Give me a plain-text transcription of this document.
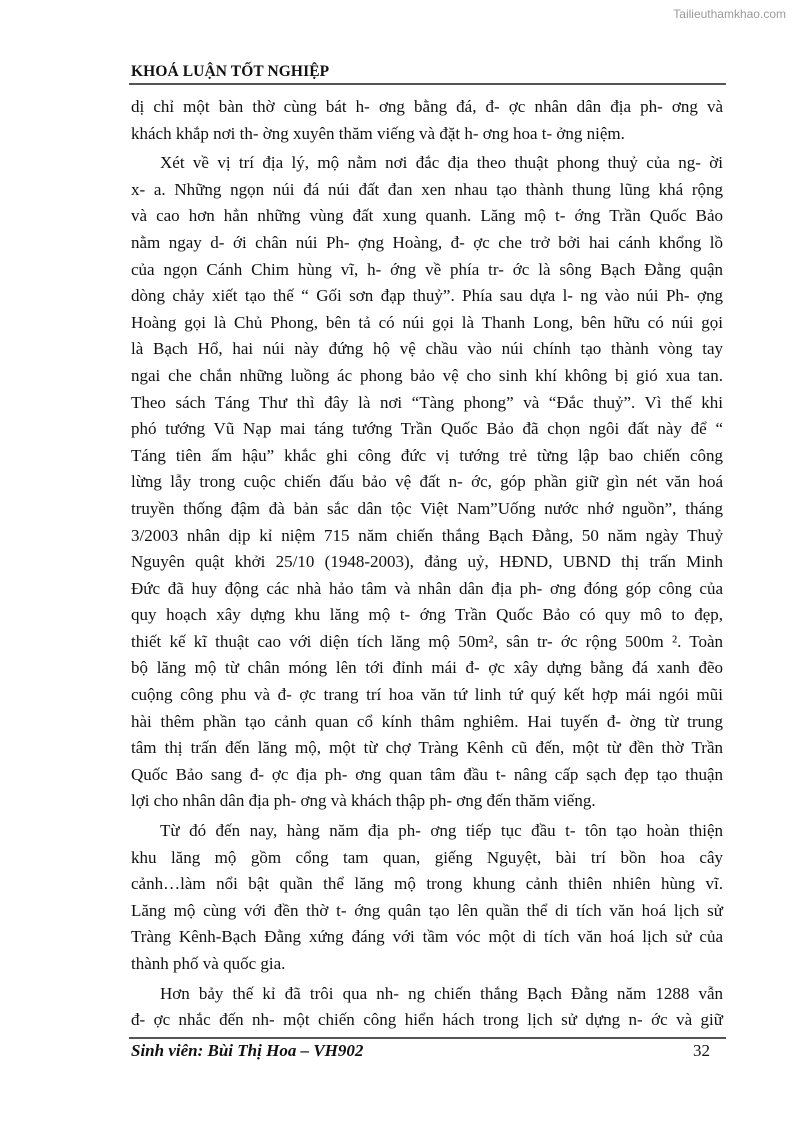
Tailieuthamkhao.com
KHOÁ LUẬN TỐT NGHIỆP
dị chỉ một bàn thờ cùng bát h- ơng bằng đá, đ- ợc nhân dân địa ph- ơng và
khách khắp nơi th- ờng xuyên thăm viếng và đặt h- ơng hoa t- ởng niệm.
Xét về vị trí địa lý, mộ nằm nơi đắc địa theo thuật phong thuỷ của ng- ời
x- a. Những ngọn núi đá núi đất đan xen nhau tạo thành thung lũng khá rộng
và cao hơn hẳn những vùng đất xung quanh. Lăng mộ t- ớng Trần Quốc Bảo
nằm ngay d- ới chân núi Ph- ợng Hoàng, đ- ợc che trở bởi hai cánh khổng lồ
của ngọn Cánh Chim hùng vĩ, h- ớng về phía tr- ớc là sông Bạch Đằng quận
dòng chảy xiết tạo thế “ Gối sơn đạp thuỷ”. Phía sau dựa l- ng vào núi Ph- ợng
Hoàng gọi là Chủ Phong, bên tả có núi gọi là Thanh Long, bên hữu có núi gọi
là Bạch Hổ, hai núi này đứng hộ vệ chầu vào núi chính tạo thành vòng tay
ngai che chắn những luồng ác phong bảo vệ cho sinh khí không bị gió xua tan.
Theo sách Táng Thư thì đây là nơi “Tàng phong” và “Đắc thuỷ”. Vì thế khi
phó tướng Vũ Nạp mai táng tướng Trần Quốc Bảo đã chọn ngôi đất này để “
Táng tiên ấm hậu” khắc ghi công đức vị tướng trẻ từng lập bao chiến công
lừng lẫy trong cuộc chiến đấu bảo vệ đất n- ớc, góp phần giữ gìn nét văn hoá
truyền thống đậm đà bản sắc dân tộc Việt Nam”Uống nước nhớ nguồn”, tháng
3/2003 nhân dịp kỉ niệm 715 năm chiến thắng Bạch Đằng, 50 năm ngày Thuỷ
Nguyên quật khởi 25/10 (1948-2003), đảng uỷ, HĐND, UBND thị trấn Minh
Đức đã huy động các nhà hảo tâm và nhân dân địa ph- ơng đóng góp công của
quy hoạch xây dựng khu lăng mộ t- ớng Trần Quốc Bảo có quy mô to đẹp,
thiết kế kĩ thuật cao với diện tích lăng mộ 50m², sân tr- ớc rộng 500m ². Toàn
bộ lăng mộ từ chân móng lên tới đỉnh mái đ- ợc xây dựng bằng đá xanh đẽo
cuộng công phu và đ- ợc trang trí hoa văn tứ linh tứ quý kết hợp mái ngói mũi
hài thêm phần tạo cảnh quan cổ kính thâm nghiêm. Hai tuyến đ- ờng từ trung
tâm thị trấn đến lăng mộ, một từ chợ Tràng Kênh cũ đến, một từ đền thờ Trần
Quốc Bảo sang đ- ợc địa ph- ơng quan tâm đầu t- nâng cấp sạch đẹp tạo thuận
lợi cho nhân dân địa ph- ơng và khách thập ph- ơng đến thăm viếng.
Từ đó đến nay, hàng năm địa ph- ơng tiếp tục đầu t- tôn tạo hoàn thiện
khu lăng mộ gồm cổng tam quan, giếng Nguyệt, bài trí bồn hoa cây
cảnh…làm nổi bật quần thể lăng mộ trong khung cảnh thiên nhiên hùng vĩ.
Lăng mộ cùng với đền thờ t- ớng quân tạo lên quần thể di tích văn hoá lịch sử
Tràng Kênh-Bạch Đằng xứng đáng với tầm vóc một di tích văn hoá lịch sử của
thành phố và quốc gia.
Hơn bảy thế kỉ đã trôi qua nh- ng chiến thắng Bạch Đằng năm 1288 vẫn
đ- ợc nhắc đến nh- một chiến công hiển hách trong lịch sử dựng n- ớc và giữ
Sinh viên: Bùi Thị Hoa – VH902	32
